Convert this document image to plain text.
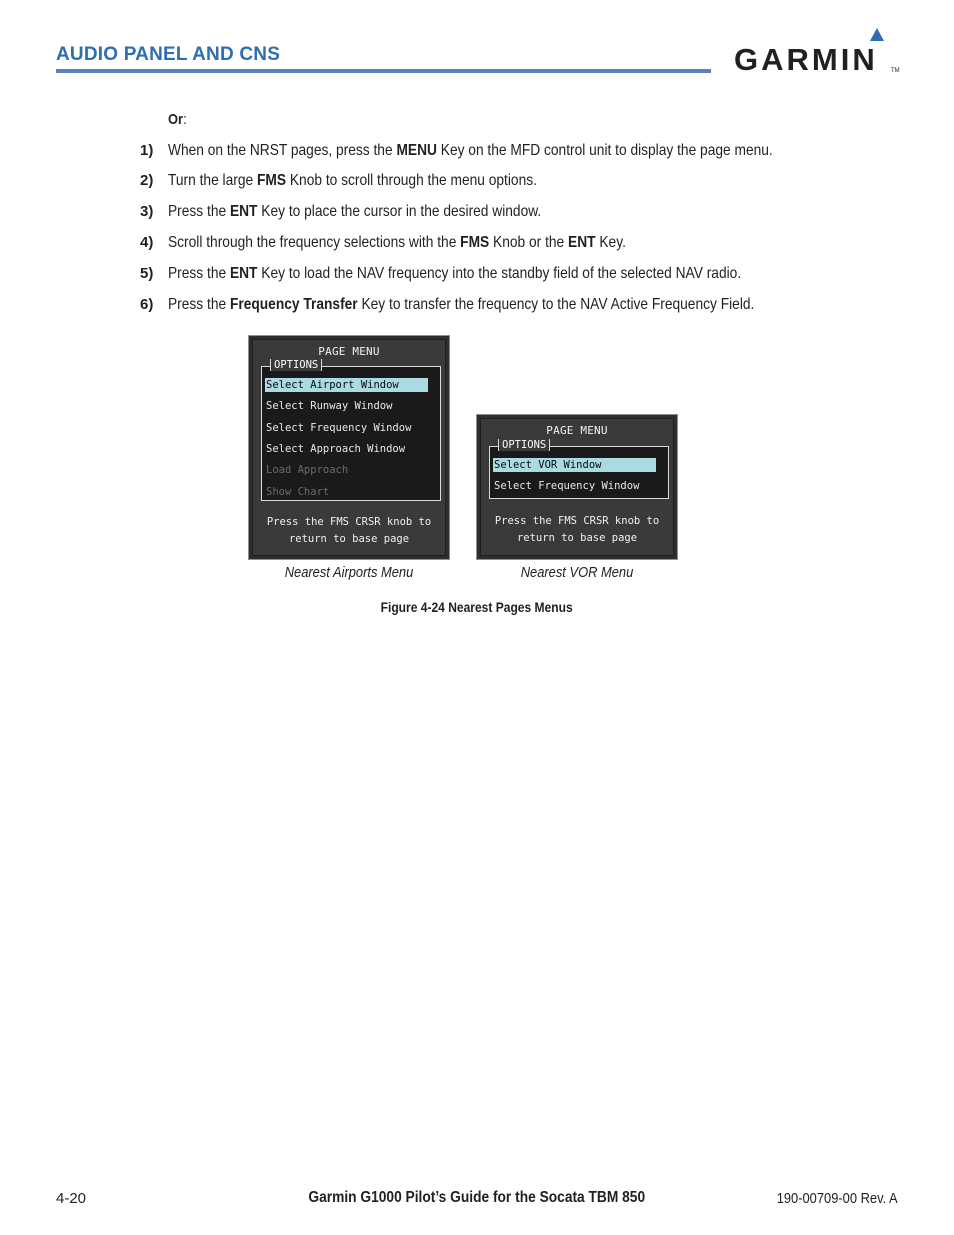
AUDIO PANEL AND CNS	GARMIN TM
Or:
1) When on the NRST pages, press the MENU Key on the MFD control unit to display the page menu.
2) Turn the large FMS Knob to scroll through the menu options.
3) Press the ENT Key to place the cursor in the desired window.
4) Scroll through the frequency selections with the FMS Knob or the ENT Key.
5) Press the ENT Key to load the NAV frequency into the standby field of the selected NAV radio.
6) Press the Frequency Transfer Key to transfer the frequency to the NAV Active Frequency Field.
PAGE MENU
OPTIONS
Select Airport Window
Select Runway Window
Select Frequency Window
Select Approach Window
Load Approach
Show Chart
Press the FMS CRSR knob to
return to base page
PAGE MENU
OPTIONS
Select VOR Window
Select Frequency Window
Press the FMS CRSR knob to
return to base page
Nearest Airports Menu	Nearest VOR Menu
Figure 4-24 Nearest Pages Menus
4-20	Garmin G1000 Pilot’s Guide for the Socata TBM 850	190-00709-00 Rev. A
